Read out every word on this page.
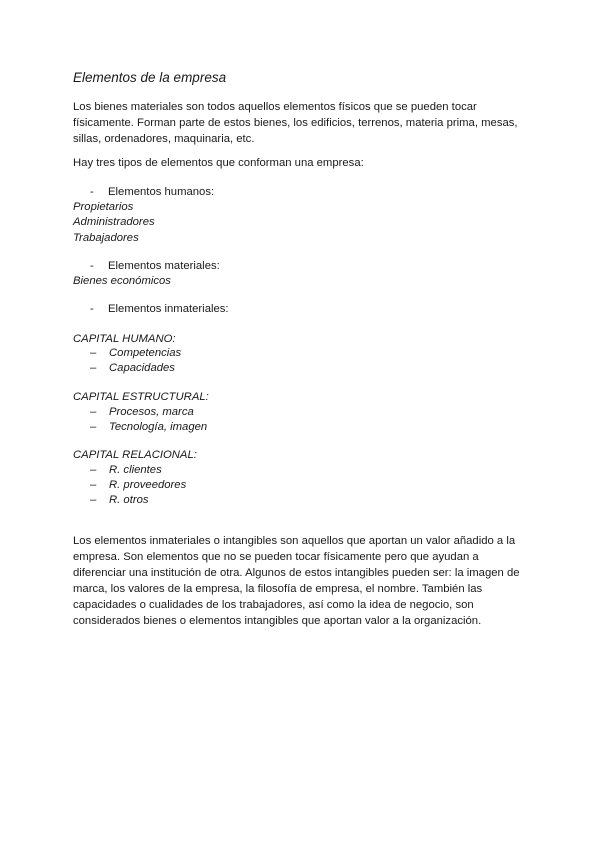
Elementos de la empresa
Los bienes materiales son todos aquellos elementos físicos que se pueden tocar físicamente. Forman parte de estos bienes, los edificios, terrenos, materia prima, mesas, sillas, ordenadores, maquinaria, etc.
Hay tres tipos de elementos que conforman una empresa:
- Elementos humanos:
Propietarios
Administradores
Trabajadores
- Elementos materiales:
Bienes económicos
- Elementos inmateriales:
CAPITAL HUMANO:
– Competencias
– Capacidades
CAPITAL ESTRUCTURAL:
– Procesos, marca
– Tecnología, imagen
CAPITAL RELACIONAL:
– R. clientes
– R. proveedores
– R. otros
Los elementos inmateriales o intangibles son aquellos que aportan un valor añadido a la empresa. Son elementos que no se pueden tocar físicamente pero que ayudan a diferenciar una institución de otra. Algunos de estos intangibles pueden ser: la imagen de marca, los valores de la empresa, la filosofía de empresa, el nombre. También las capacidades o cualidades de los trabajadores, así como la idea de negocio, son considerados bienes o elementos intangibles que aportan valor a la organización.
